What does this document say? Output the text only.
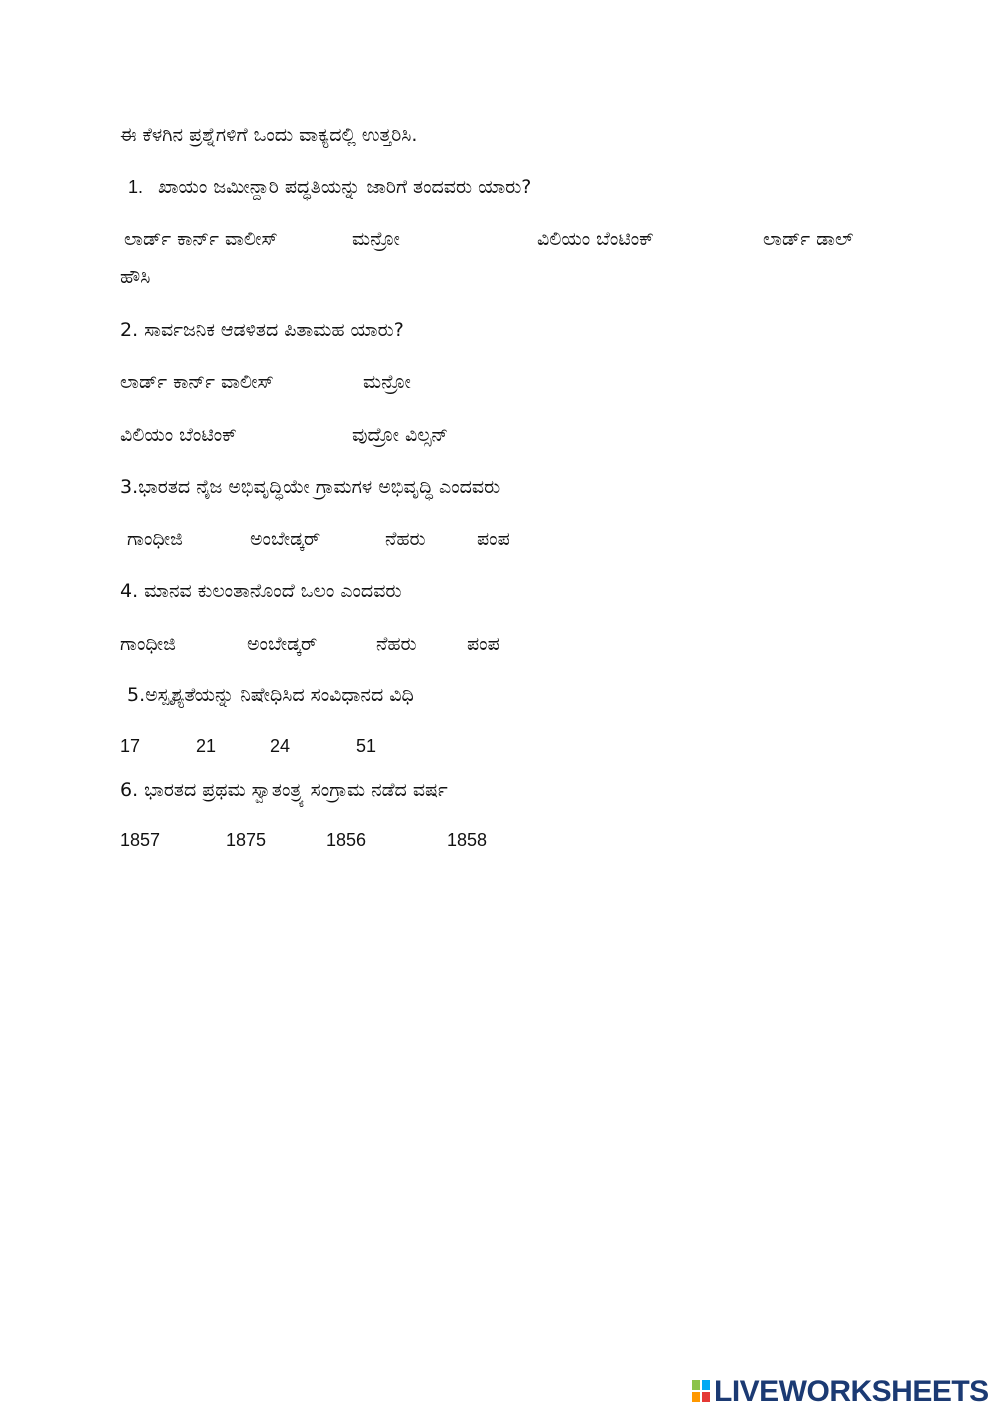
ಈ ಕೆಳಗಿನ ಪ್ರಶ್ನೆಗಳಿಗೆ ಒಂದು ವಾಕ್ಯದಲ್ಲಿ ಉತ್ತರಿಸಿ.
1. ಖಾಯಂ ಜಮೀನ್ದಾರಿ ಪದ್ಧತಿಯನ್ನು ಜಾರಿಗೆ ತಂದವರು ಯಾರು?
ಲಾರ್ಡ್ ಕಾರ್ನ್ ವಾಲೀಸ್	ಮನ್ರೋ	ವಿಲಿಯಂ ಬೆಂಟಿಂಕ್	ಲಾರ್ಡ್ ಡಾಲ್
ಹೌಸಿ
2. ಸಾರ್ವಜನಿಕ ಆಡಳಿತದ ಪಿತಾಮಹ ಯಾರು?
ಲಾರ್ಡ್ ಕಾರ್ನ್ ವಾಲೀಸ್	ಮನ್ರೋ
ವಿಲಿಯಂ ಬೆಂಟಿಂಕ್	ವುದ್ರೋ ವಿಲ್ಸನ್
3.ಭಾರತದ ನೈಜ ಅಭಿವೃದ್ಧಿಯೇ ಗ್ರಾಮಗಳ ಅಭಿವೃದ್ಧಿ ಎಂದವರು
ಗಾಂಧೀಜಿ	ಅಂಬೇಡ್ಕರ್	ನೆಹರು	ಪಂಪ
4. ಮಾನವ ಕುಲಂತಾನೊಂದೆ ಒಲಂ ಎಂದವರು
ಗಾಂಧೀಜಿ	ಅಂಬೇಡ್ಕರ್	ನೆಹರು	ಪಂಪ
5.ಅಸ್ಪೃಶ್ಯತೆಯನ್ನು ನಿಷೇಧಿಸಿದ ಸಂವಿಧಾನದ ವಿಧಿ
17	21	24	51
6. ಭಾರತದ ಪ್ರಥಮ ಸ್ವಾತಂತ್ರ್ಯ ಸಂಗ್ರಾಮ ನಡೆದ ವರ್ಷ
1857	1875	1856	1858
LIVEWORKSHEETS
